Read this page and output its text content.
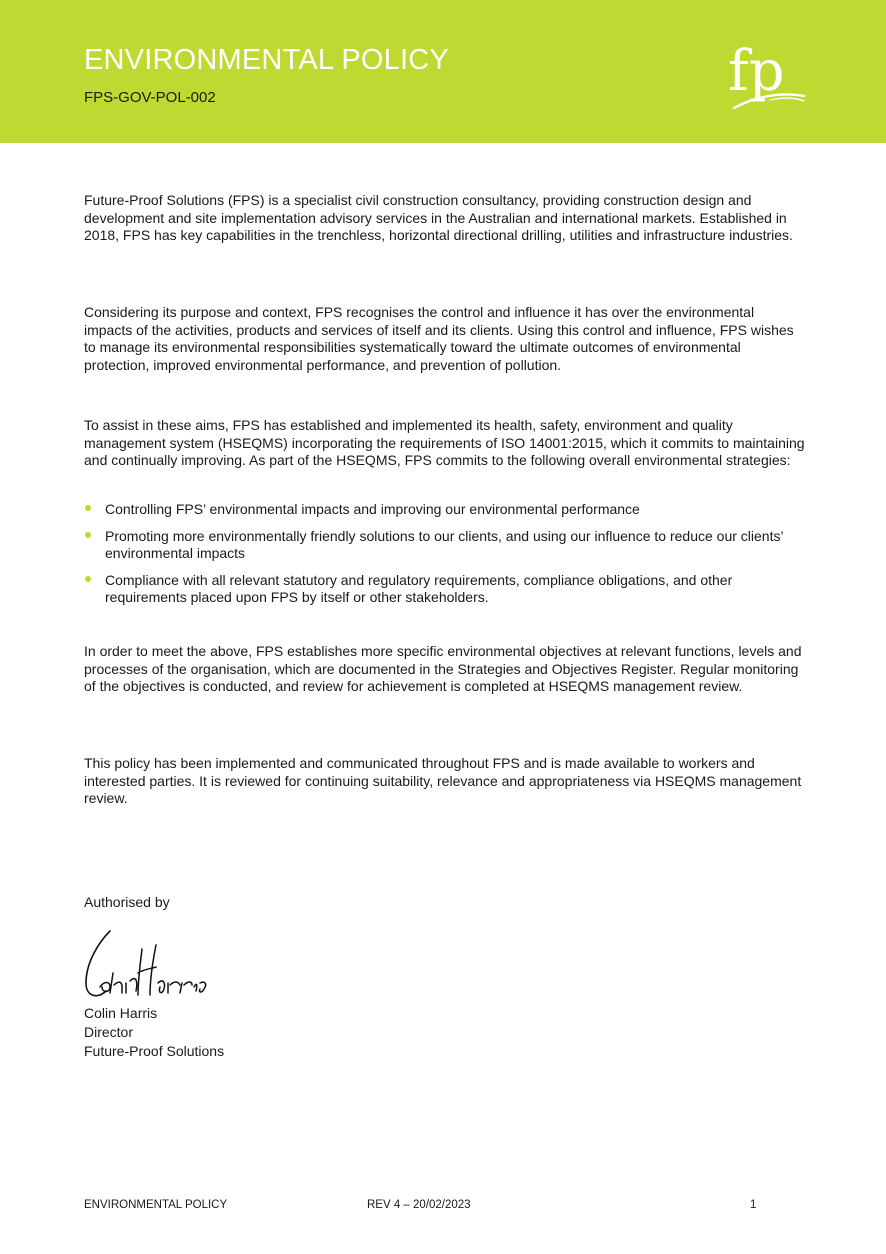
ENVIRONMENTAL POLICY
FPS-GOV-POL-002	fp

Future-Proof Solutions (FPS) is a specialist civil construction consultancy, providing construction design and development and site implementation advisory services in the Australian and international markets. Established in 2018, FPS has key capabilities in the trenchless, horizontal directional drilling, utilities and infrastructure industries.

Considering its purpose and context, FPS recognises the control and influence it has over the environmental impacts of the activities, products and services of itself and its clients. Using this control and influence, FPS wishes to manage its environmental responsibilities systematically toward the ultimate outcomes of environmental protection, improved environmental performance, and prevention of pollution.

To assist in these aims, FPS has established and implemented its health, safety, environment and quality management system (HSEQMS) incorporating the requirements of ISO 14001:2015, which it commits to maintaining and continually improving. As part of the HSEQMS, FPS commits to the following overall environmental strategies:

Controlling FPS’ environmental impacts and improving our environmental performance
Promoting more environmentally friendly solutions to our clients, and using our influence to reduce our clients’ environmental impacts
Compliance with all relevant statutory and regulatory requirements, compliance obligations, and other requirements placed upon FPS by itself or other stakeholders.

In order to meet the above, FPS establishes more specific environmental objectives at relevant functions, levels and processes of the organisation, which are documented in the Strategies and Objectives Register. Regular monitoring of the objectives is conducted, and review for achievement is completed at HSEQMS management review.

This policy has been implemented and communicated throughout FPS and is made available to workers and interested parties. It is reviewed for continuing suitability, relevance and appropriateness via HSEQMS management review.

Authorised by
Colin Harris
Director
Future-Proof Solutions
ENVIRONMENTAL POLICY	REV 4 – 20/02/2023	1
